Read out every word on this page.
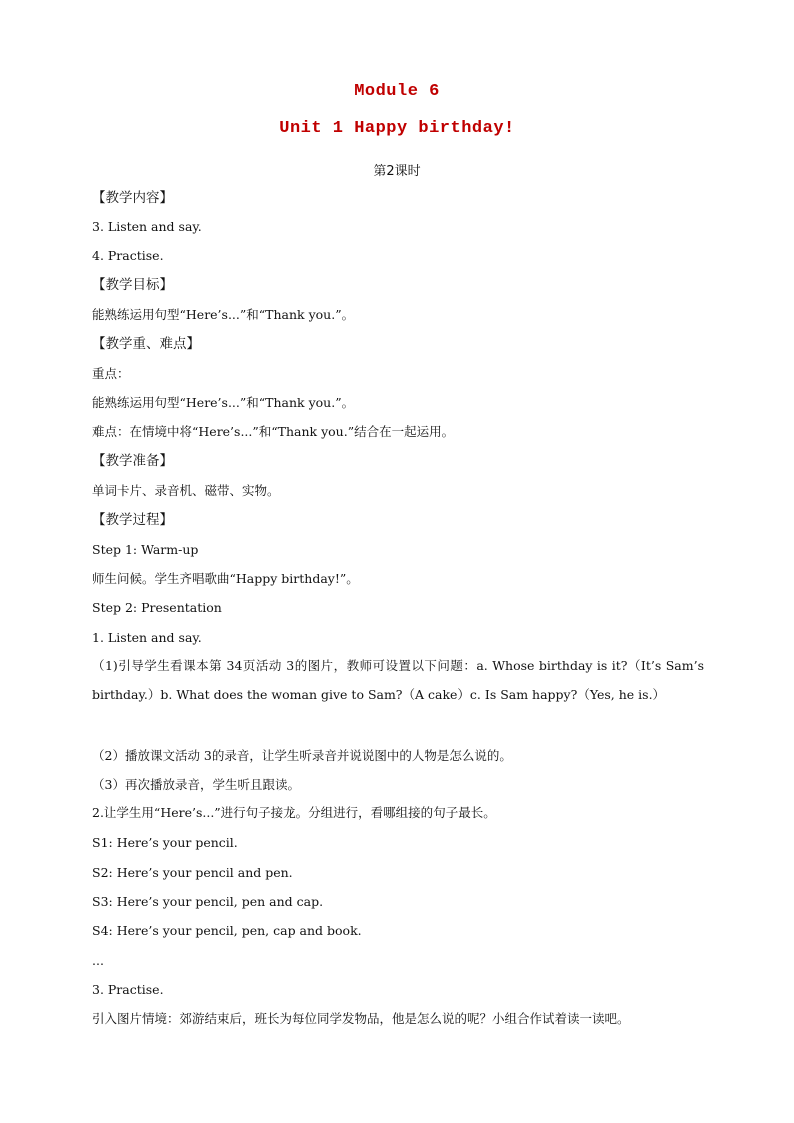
Module 6
Unit 1 Happy birthday!
第2课时
【教学内容】
3. Listen and say.
4. Practise.
【教学目标】
能熟练运用句型“Here’s...”和“Thank you.”。
【教学重、难点】
重点：
能熟练运用句型“Here’s...”和“Thank you.”。
难点：在情境中将“Here’s...”和“Thank you.”结合在一起运用。
【教学准备】
单词卡片、录音机、磁带、实物。
【教学过程】
Step 1: Warm-up
师生问候。学生齐唱歌曲“Happy birthday!”。
Step 2: Presentation
1. Listen and say.
（1)引导学生看课本第 34页活动 3的图片，教师可设置以下问题：a. Whose birthday is it?（It’s Sam’s birthday.）b. What does the woman give to Sam?（A cake）c. Is Sam happy?（Yes, he is.）
（2）播放课文活动 3的录音，让学生听录音并说说图中的人物是怎么说的。
（3）再次播放录音，学生听且跟读。
2.让学生用“Here’s...”进行句子接龙。分组进行，看哪组接的句子最长。
S1: Here’s your pencil.
S2: Here’s your pencil and pen.
S3: Here’s your pencil, pen and cap.
S4: Here’s your pencil, pen, cap and book.
...
3. Practise.
引入图片情境：郊游结束后，班长为每位同学发物品，他是怎么说的呢？小组合作试着读一读吧。
